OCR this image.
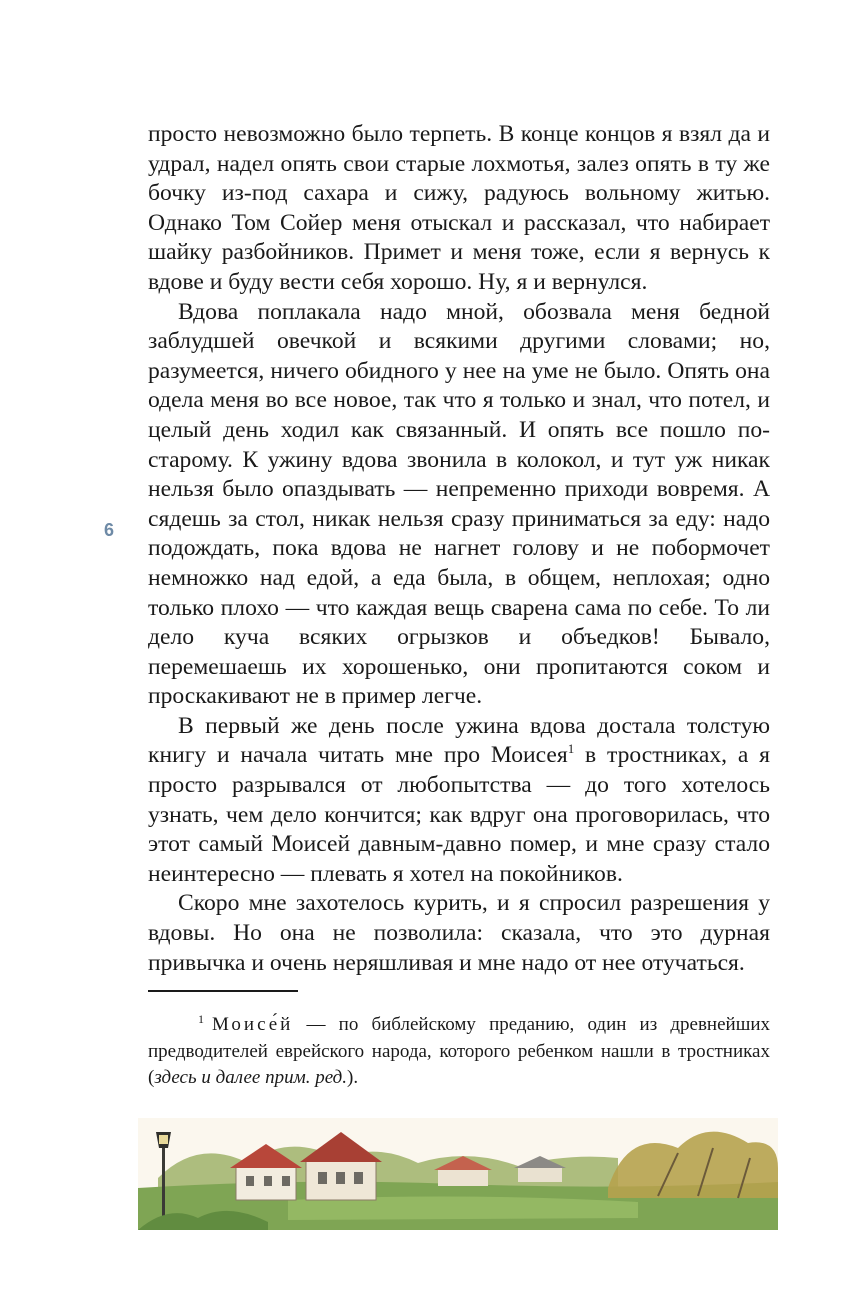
просто невозможно было терпеть. В конце концов я взял да и удрал, надел опять свои старые лохмотья, залез опять в ту же бочку из-под сахара и сижу, радуюсь вольному житью. Однако Том Сойер меня отыскал и рассказал, что набирает шайку разбойников. Примет и меня тоже, если я вернусь к вдове и буду вести себя хорошо. Ну, я и вернулся.

Вдова поплакала надо мной, обозвала меня бедной заблудшей овечкой и всякими другими словами; но, разумеется, ничего обидного у нее на уме не было. Опять она одела меня во все новое, так что я только и знал, что потел, и целый день ходил как связанный. И опять все пошло по-старому. К ужину вдова звонила в колокол, и тут уж никак нельзя было опаздывать — непременно приходи вовремя. А сядешь за стол, никак нельзя сразу приниматься за еду: надо подождать, пока вдова не нагнет голову и не побормочет немножко над едой, а еда была, в общем, неплохая; одно только плохо — что каждая вещь сварена сама по себе. То ли дело куча всяких огрызков и объедков! Бывало, перемешаешь их хорошенько, они пропитаются соком и проскакивают не в пример легче.

В первый же день после ужина вдова достала толстую книгу и начала читать мне про Моисея$^1$ в тростниках, а я просто разрывался от любопытства — до того хотелось узнать, чем дело кончится; как вдруг она проговорилась, что этот самый Моисей давным-давно помер, и мне сразу стало неинтересно — плевать я хотел на покойников.

Скоро мне захотелось курить, и я спросил разрешения у вдовы. Но она не позволила: сказала, что это дурная привычка и очень неряшливая и мне надо от нее отучаться.

6
$^1$ Моисе́й — по библейскому преданию, один из древнейших предводителей еврейского народа, которого ребенком нашли в тростниках (здесь и далее прим. ред.).
